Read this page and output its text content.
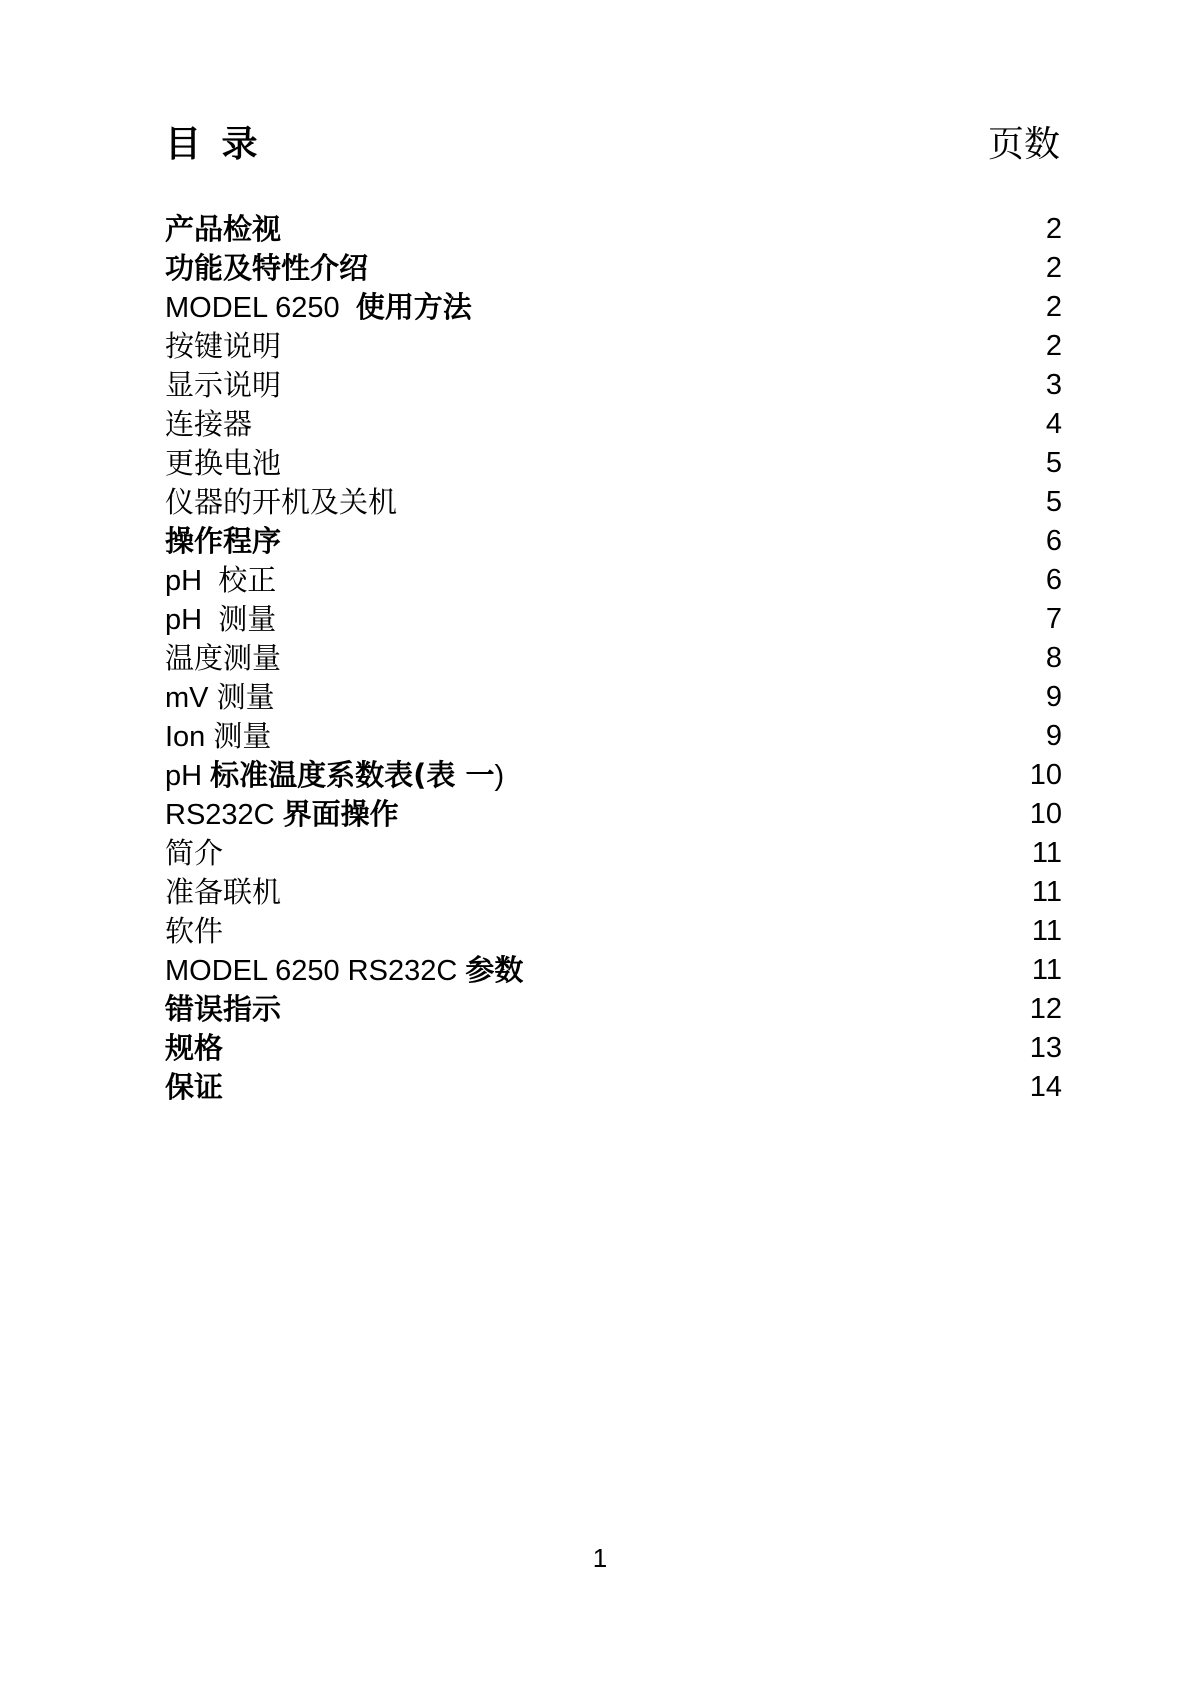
目 录	页数
产品检视	2
功能及特性介绍	2
MODEL 6250  使用方法	2
按键说明	2
显示说明	3
连接器	4
更换电池	5
仪器的开机及关机	5
操作程序	6
pH  校正	6
pH  测量	7
温度测量	8
mV 测量	9
Ion 测量	9
pH 标准温度系数表(表 一)	10
RS232C 界面操作	10
简介	11
准备联机	11
软件	11
MODEL 6250 RS232C 参数	11
错误指示	12
规格	13
保证	14
1
